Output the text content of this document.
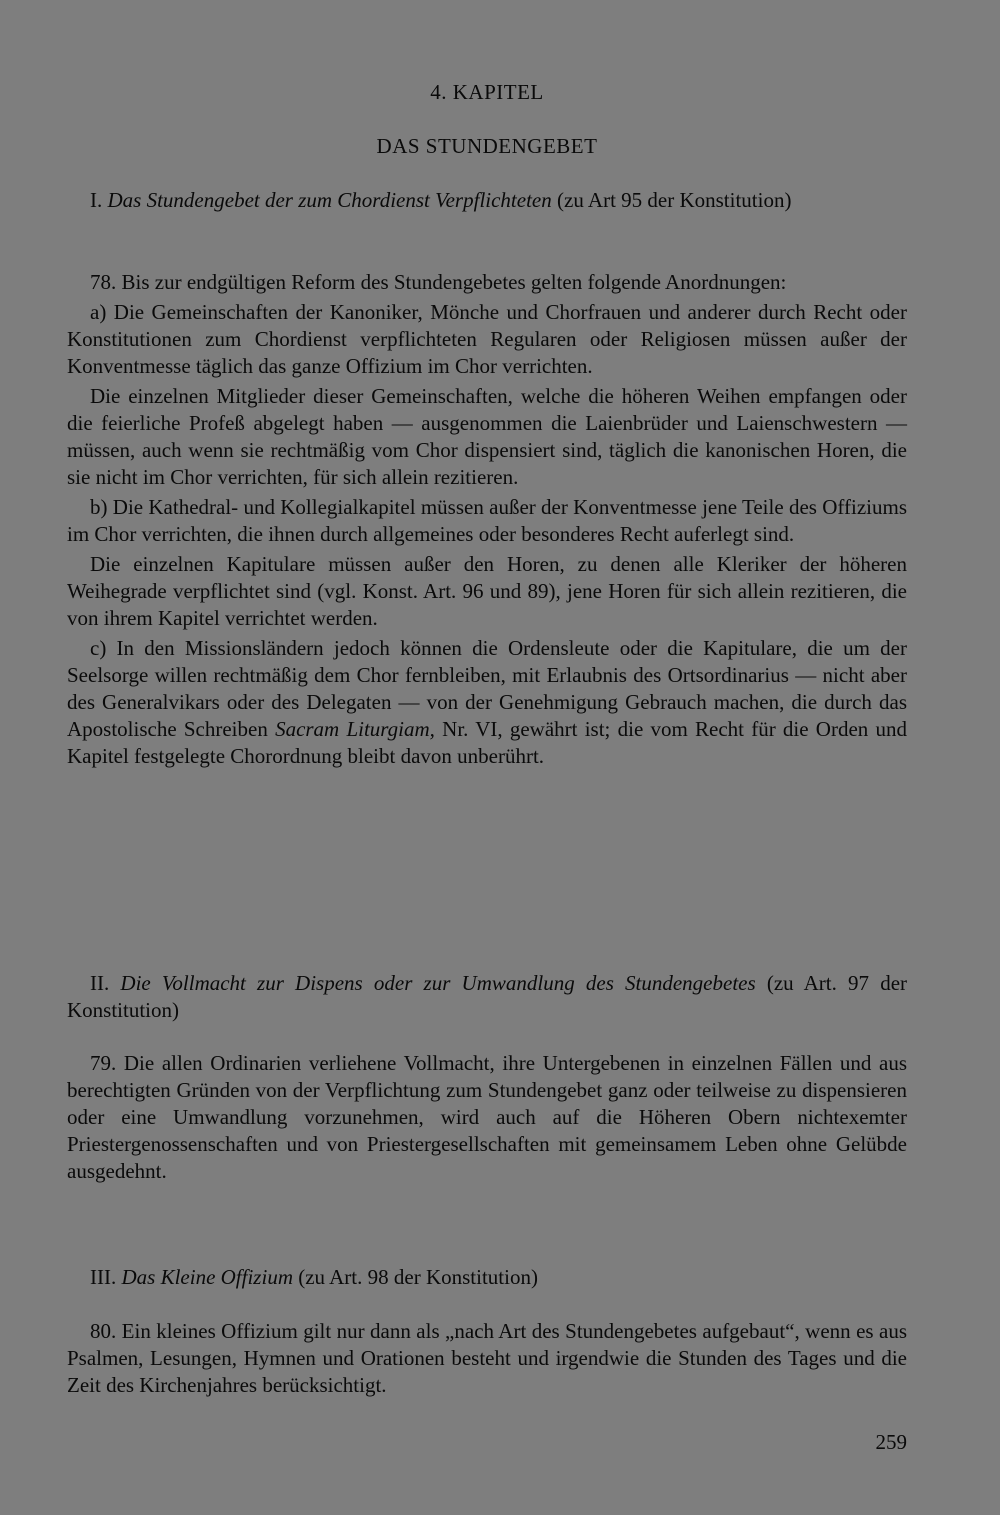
4. KAPITEL
DAS STUNDENGEBET

I. Das Stundengebet der zum Chordienst Verpflichteten (zu Art 95 der Konstitution)

78. Bis zur endgültigen Reform des Stundengebetes gelten folgende Anordnungen:

a) Die Gemeinschaften der Kanoniker, Mönche und Chorfrauen und anderer durch Recht oder Konstitutionen zum Chordienst verpflichteten Regularen oder Religiosen müssen außer der Konventmesse täglich das ganze Offizium im Chor verrichten.

Die einzelnen Mitglieder dieser Gemeinschaften, welche die höheren Weihen empfangen oder die feierliche Profeß abgelegt haben — ausgenommen die Laienbrüder und Laienschwestern — müssen, auch wenn sie rechtmäßig vom Chor dispensiert sind, täglich die kanonischen Horen, die sie nicht im Chor verrichten, für sich allein rezitieren.

b) Die Kathedral- und Kollegialkapitel müssen außer der Konventmesse jene Teile des Offiziums im Chor verrichten, die ihnen durch allgemeines oder besonderes Recht auferlegt sind.

Die einzelnen Kapitulare müssen außer den Horen, zu denen alle Kleriker der höheren Weihegrade verpflichtet sind (vgl. Konst. Art. 96 und 89), jene Horen für sich allein rezitieren, die von ihrem Kapitel verrichtet werden.

c) In den Missionsländern jedoch können die Ordensleute oder die Kapitulare, die um der Seelsorge willen rechtmäßig dem Chor fernbleiben, mit Erlaubnis des Ortsordinarius — nicht aber des Generalvikars oder des Delegaten — von der Genehmigung Gebrauch machen, die durch das Apostolische Schreiben Sacram Liturgiam, Nr. VI, gewährt ist; die vom Recht für die Orden und Kapitel festgelegte Chorordnung bleibt davon unberührt.

II. Die Vollmacht zur Dispens oder zur Umwandlung des Stundengebetes (zu Art. 97 der Konstitution)

79. Die allen Ordinarien verliehene Vollmacht, ihre Untergebenen in einzelnen Fällen und aus berechtigten Gründen von der Verpflichtung zum Stundengebet ganz oder teilweise zu dispensieren oder eine Umwandlung vorzunehmen, wird auch auf die Höheren Obern nichtexemter Priestergenossenschaften und von Priestergesellschaften mit gemeinsamem Leben ohne Gelübde ausgedehnt.

III. Das Kleine Offizium (zu Art. 98 der Konstitution)

80. Ein kleines Offizium gilt nur dann als „nach Art des Stundengebetes aufgebaut“, wenn es aus Psalmen, Lesungen, Hymnen und Orationen besteht und irgendwie die Stunden des Tages und die Zeit des Kirchenjahres berücksichtigt.

259
